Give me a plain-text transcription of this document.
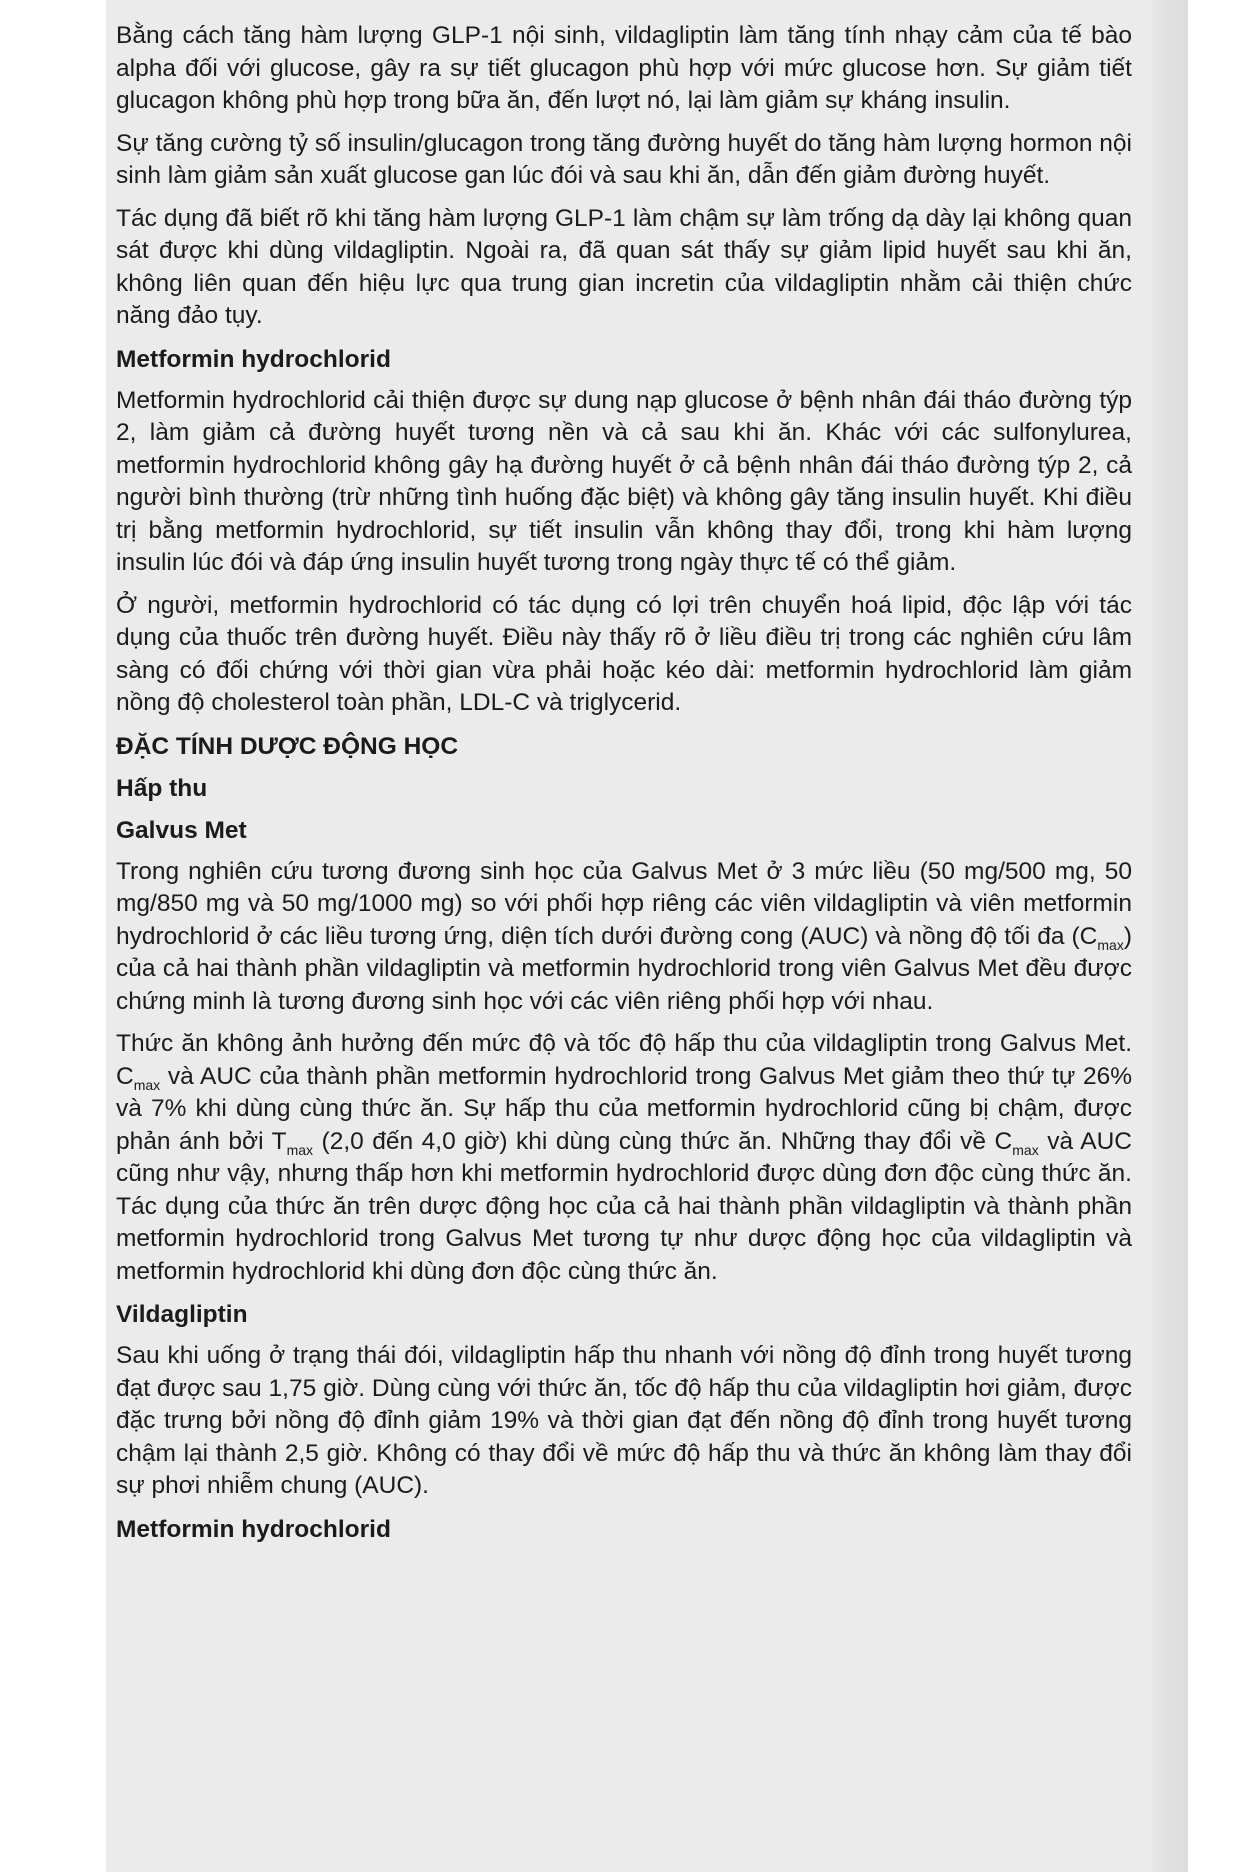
Bằng cách tăng hàm lượng GLP-1 nội sinh, vildagliptin làm tăng tính nhạy cảm của tế bào alpha đối với glucose, gây ra sự tiết glucagon phù hợp với mức glucose hơn. Sự giảm tiết glucagon không phù hợp trong bữa ăn, đến lượt nó, lại làm giảm sự kháng insulin.

Sự tăng cường tỷ số insulin/glucagon trong tăng đường huyết do tăng hàm lượng hormon nội sinh làm giảm sản xuất glucose gan lúc đói và sau khi ăn, dẫn đến giảm đường huyết.

Tác dụng đã biết rõ khi tăng hàm lượng GLP-1 làm chậm sự làm trống dạ dày lại không quan sát được khi dùng vildagliptin. Ngoài ra, đã quan sát thấy sự giảm lipid huyết sau khi ăn, không liên quan đến hiệu lực qua trung gian incretin của vildagliptin nhằm cải thiện chức năng đảo tụy.

Metformin hydrochlorid

Metformin hydrochlorid cải thiện được sự dung nạp glucose ở bệnh nhân đái tháo đường týp 2, làm giảm cả đường huyết tương nền và cả sau khi ăn. Khác với các sulfonylurea, metformin hydrochlorid không gây hạ đường huyết ở cả bệnh nhân đái tháo đường týp 2, cả người bình thường (trừ những tình huống đặc biệt) và không gây tăng insulin huyết. Khi điều trị bằng metformin hydrochlorid, sự tiết insulin vẫn không thay đổi, trong khi hàm lượng insulin lúc đói và đáp ứng insulin huyết tương trong ngày thực tế có thể giảm.

Ở người, metformin hydrochlorid có tác dụng có lợi trên chuyển hoá lipid, độc lập với tác dụng của thuốc trên đường huyết. Điều này thấy rõ ở liều điều trị trong các nghiên cứu lâm sàng có đối chứng với thời gian vừa phải hoặc kéo dài: metformin hydrochlorid làm giảm nồng độ cholesterol toàn phần, LDL-C và triglycerid.

ĐẶC TÍNH DƯỢC ĐỘNG HỌC
Hấp thu
Galvus Met

Trong nghiên cứu tương đương sinh học của Galvus Met ở 3 mức liều (50 mg/500 mg, 50 mg/850 mg và 50 mg/1000 mg) so với phối hợp riêng các viên vildagliptin và viên metformin hydrochlorid ở các liều tương ứng, diện tích dưới đường cong (AUC) và nồng độ tối đa $(C_{max})$ của cả hai thành phần vildagliptin và metformin hydrochlorid trong viên Galvus Met đều được chứng minh là tương đương sinh học với các viên riêng phối hợp với nhau.

Thức ăn không ảnh hưởng đến mức độ và tốc độ hấp thu của vildagliptin trong Galvus Met. $C_{max}$ và AUC của thành phần metformin hydrochlorid trong Galvus Met giảm theo thứ tự 26% và 7% khi dùng cùng thức ăn. Sự hấp thu của metformin hydrochlorid cũng bị chậm, được phản ánh bởi $T_{max}$ (2,0 đến 4,0 giờ) khi dùng cùng thức ăn. Những thay đổi về $C_{max}$ và AUC cũng như vậy, nhưng thấp hơn khi metformin hydrochlorid được dùng đơn độc cùng thức ăn. Tác dụng của thức ăn trên dược động học của cả hai thành phần vildagliptin và thành phần metformin hydrochlorid trong Galvus Met tương tự như dược động học của vildagliptin và metformin hydrochlorid khi dùng đơn độc cùng thức ăn.

Vildagliptin

Sau khi uống ở trạng thái đói, vildagliptin hấp thu nhanh với nồng độ đỉnh trong huyết tương đạt được sau 1,75 giờ. Dùng cùng với thức ăn, tốc độ hấp thu của vildagliptin hơi giảm, được đặc trưng bởi nồng độ đỉnh giảm 19% và thời gian đạt đến nồng độ đỉnh trong huyết tương chậm lại thành 2,5 giờ. Không có thay đổi về mức độ hấp thu và thức ăn không làm thay đổi sự phơi nhiễm chung (AUC).

Metformin hydrochlorid
